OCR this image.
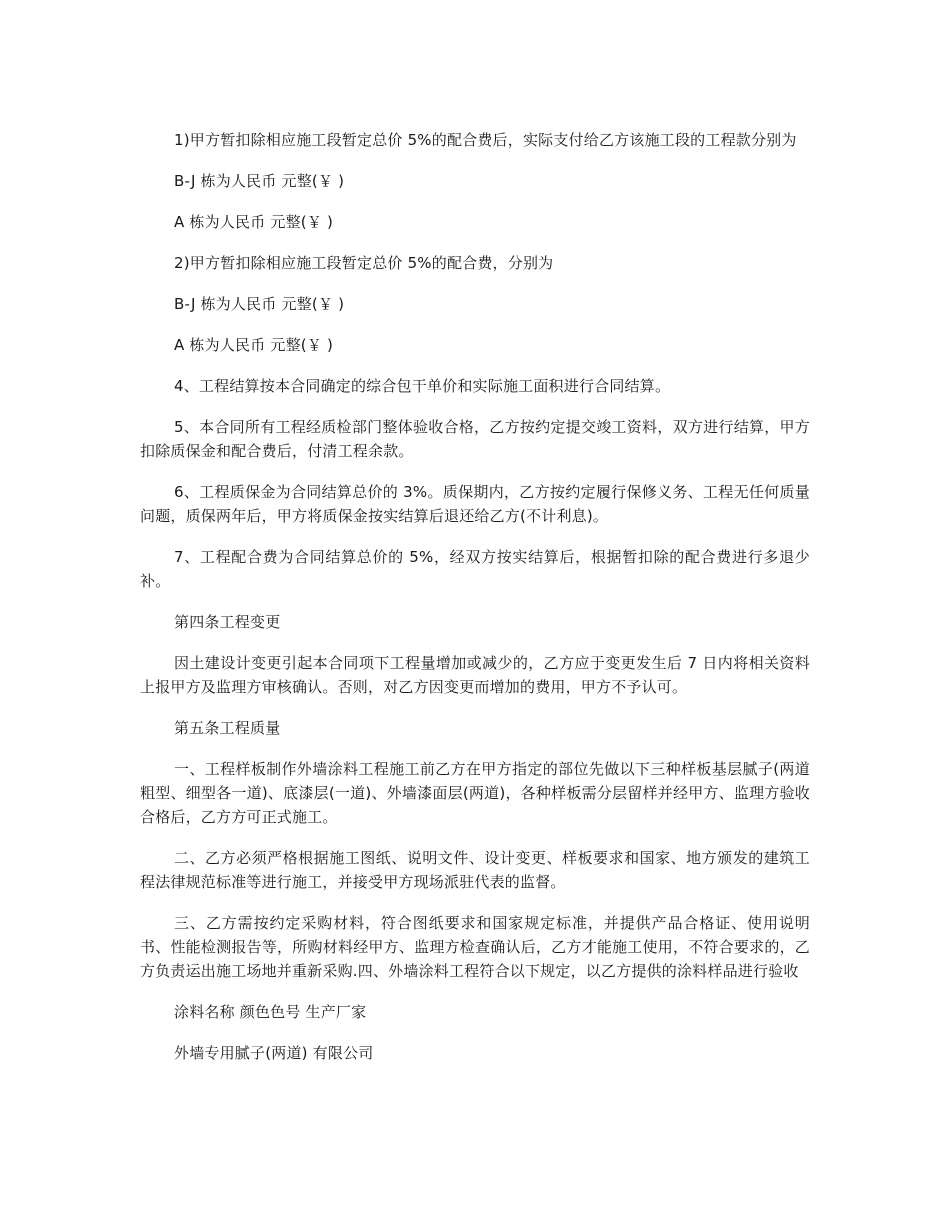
1)甲方暂扣除相应施工段暂定总价 5%的配合费后，实际支付给乙方该施工段的工程款分别为

B-J 栋为人民币 元整(￥ )

A 栋为人民币 元整(￥ )

2)甲方暂扣除相应施工段暂定总价 5%的配合费，分别为

B-J 栋为人民币 元整(￥ )

A 栋为人民币 元整(￥ )

4、工程结算按本合同确定的综合包干单价和实际施工面积进行合同结算。

5、本合同所有工程经质检部门整体验收合格，乙方按约定提交竣工资料，双方进行结算，甲方扣除质保金和配合费后，付清工程余款。

6、工程质保金为合同结算总价的 3%。质保期内，乙方按约定履行保修义务、工程无任何质量问题，质保两年后，甲方将质保金按实结算后退还给乙方(不计利息)。

7、工程配合费为合同结算总价的 5%，经双方按实结算后，根据暂扣除的配合费进行多退少补。

第四条工程变更

因土建设计变更引起本合同项下工程量增加或减少的，乙方应于变更发生后 7 日内将相关资料上报甲方及监理方审核确认。否则，对乙方因变更而增加的费用，甲方不予认可。

第五条工程质量

一、工程样板制作外墙涂料工程施工前乙方在甲方指定的部位先做以下三种样板基层腻子(两道粗型、细型各一道)、底漆层(一道)、外墙漆面层(两道)，各种样板需分层留样并经甲方、监理方验收合格后，乙方方可正式施工。

二、乙方必须严格根据施工图纸、说明文件、设计变更、样板要求和国家、地方颁发的建筑工程法律规范标准等进行施工，并接受甲方现场派驻代表的监督。

三、乙方需按约定采购材料，符合图纸要求和国家规定标准，并提供产品合格证、使用说明书、性能检测报告等，所购材料经甲方、监理方检查确认后，乙方才能施工使用，不符合要求的，乙方负责运出施工场地并重新采购.四、外墙涂料工程符合以下规定，以乙方提供的涂料样品进行验收

涂料名称 颜色色号 生产厂家

外墙专用腻子(两道) 有限公司
